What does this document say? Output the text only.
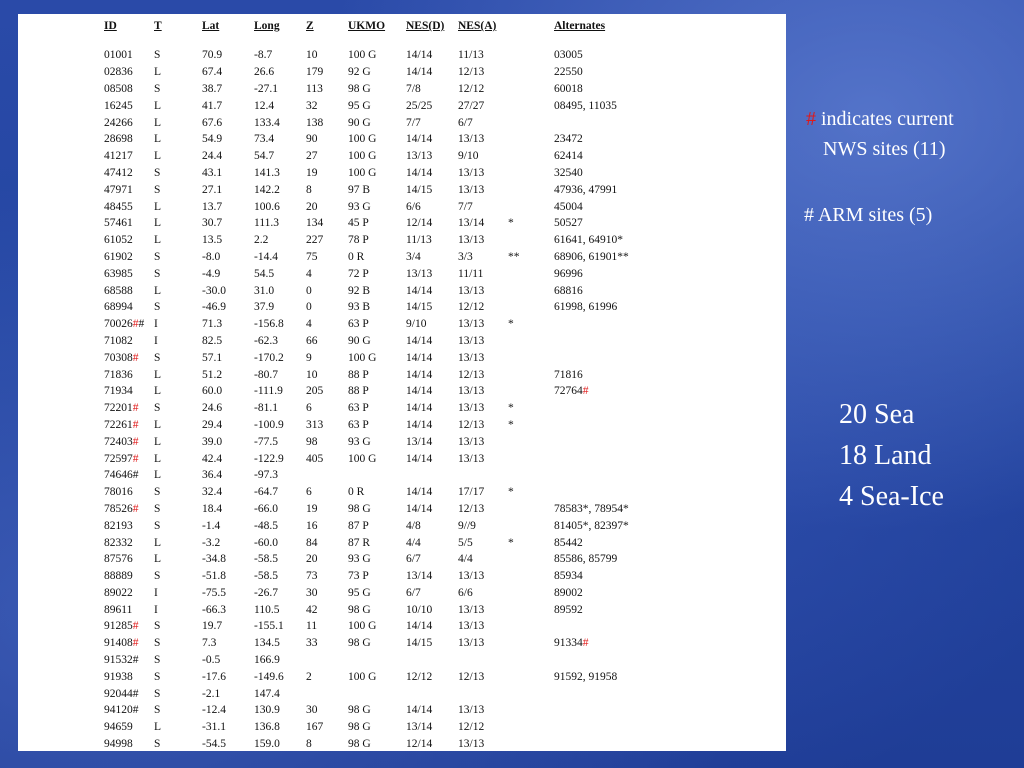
ID	T	Lat	Long	Z	UKMO	NES(D)	NES(A)		Alternates

01001	S	70.9	-8.7	10	100 G	14/14	11/13		03005
02836	L	67.4	26.6	179	92 G	14/14	12/13		22550
08508	S	38.7	-27.1	113	98 G	7/8	12/12		60018
16245	L	41.7	12.4	32	95 G	25/25	27/27		08495, 11035
24266	L	67.6	133.4	138	90 G	7/7	6/7		
28698	L	54.9	73.4	90	100 G	14/14	13/13		23472
41217	L	24.4	54.7	27	100 G	13/13	9/10		62414
47412	S	43.1	141.3	19	100 G	14/14	13/13		32540
47971	S	27.1	142.2	8	97 B	14/15	13/13		47936, 47991
48455	L	13.7	100.6	20	93 G	6/6	7/7		45004
57461	L	30.7	111.3	134	45 P	12/14	13/14	*	50527
61052	L	13.5	2.2	227	78 P	11/13	13/13		61641, 64910*
61902	S	-8.0	-14.4	75	0 R	3/4	3/3	**	68906, 61901**
63985	S	-4.9	54.5	4	72 P	13/13	11/11		96996
68588	L	-30.0	31.0	0	92 B	14/14	13/13		68816
68994	S	-46.9	37.9	0	93 B	14/15	12/12		61998, 61996
70026##	I	71.3	-156.8	4	63 P	9/10	13/13	*	
71082	I	82.5	-62.3	66	90 G	14/14	13/13		
70308#	S	57.1	-170.2	9	100 G	14/14	13/13		
71836	L	51.2	-80.7	10	88 P	14/14	12/13		71816
71934	L	60.0	-111.9	205	88 P	14/14	13/13		72764#
72201#	S	24.6	-81.1	6	63 P	14/14	13/13	*	
72261#	L	29.4	-100.9	313	63 P	14/14	12/13	*	
72403#	L	39.0	-77.5	98	93 G	13/14	13/13		
72597#	L	42.4	-122.9	405	100 G	14/14	13/13		
74646#	L	36.4	-97.3						
78016	S	32.4	-64.7	6	0 R	14/14	17/17	*	
78526#	S	18.4	-66.0	19	98 G	14/14	12/13		78583*, 78954*
82193	S	-1.4	-48.5	16	87 P	4/8	9//9		81405*, 82397*
82332	L	-3.2	-60.0	84	87 R	4/4	5/5	*	85442
87576	L	-34.8	-58.5	20	93 G	6/7	4/4		85586, 85799
88889	S	-51.8	-58.5	73	73 P	13/14	13/13		85934
89022	I	-75.5	-26.7	30	95 G	6/7	6/6		89002
89611	I	-66.3	110.5	42	98 G	10/10	13/13		89592
91285#	S	19.7	-155.1	11	100 G	14/14	13/13		
91408#	S	7.3	134.5	33	98 G	14/15	13/13		91334#
91532#	S	-0.5	166.9						
91938	S	-17.6	-149.6	2	100 G	12/12	12/13		91592, 91958
92044#	S	-2.1	147.4						
94120#	S	-12.4	130.9	30	98 G	14/14	13/13		
94659	L	-31.1	136.8	167	98 G	13/14	12/12		
94998	S	-54.5	159.0	8	98 G	12/14	13/13		
# indicates current
NWS sites (11)
# ARM sites (5)
20 Sea
18 Land
4 Sea-Ice
